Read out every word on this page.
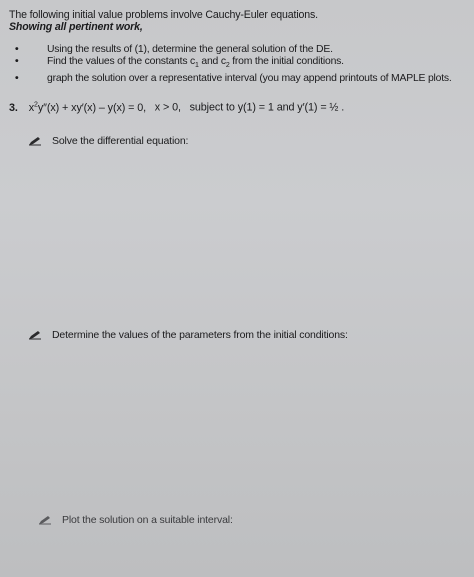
The following initial value problems involve Cauchy-Euler equations.
Showing all pertinent work,
•	Using the results of (1), determine the general solution of the DE.
•	Find the values of the constants $c_1$ and $c_2$ from the initial conditions.
•	graph the solution over a representative interval (you may append printouts of MAPLE plots.
3. $x^2y''(x) + xy'(x) - y(x) = 0$, x > 0, subject to y(1) = 1 and y′(1) = ½ .
Solve the differential equation:
Determine the values of the parameters from the initial conditions:
Plot the solution on a suitable interval:
